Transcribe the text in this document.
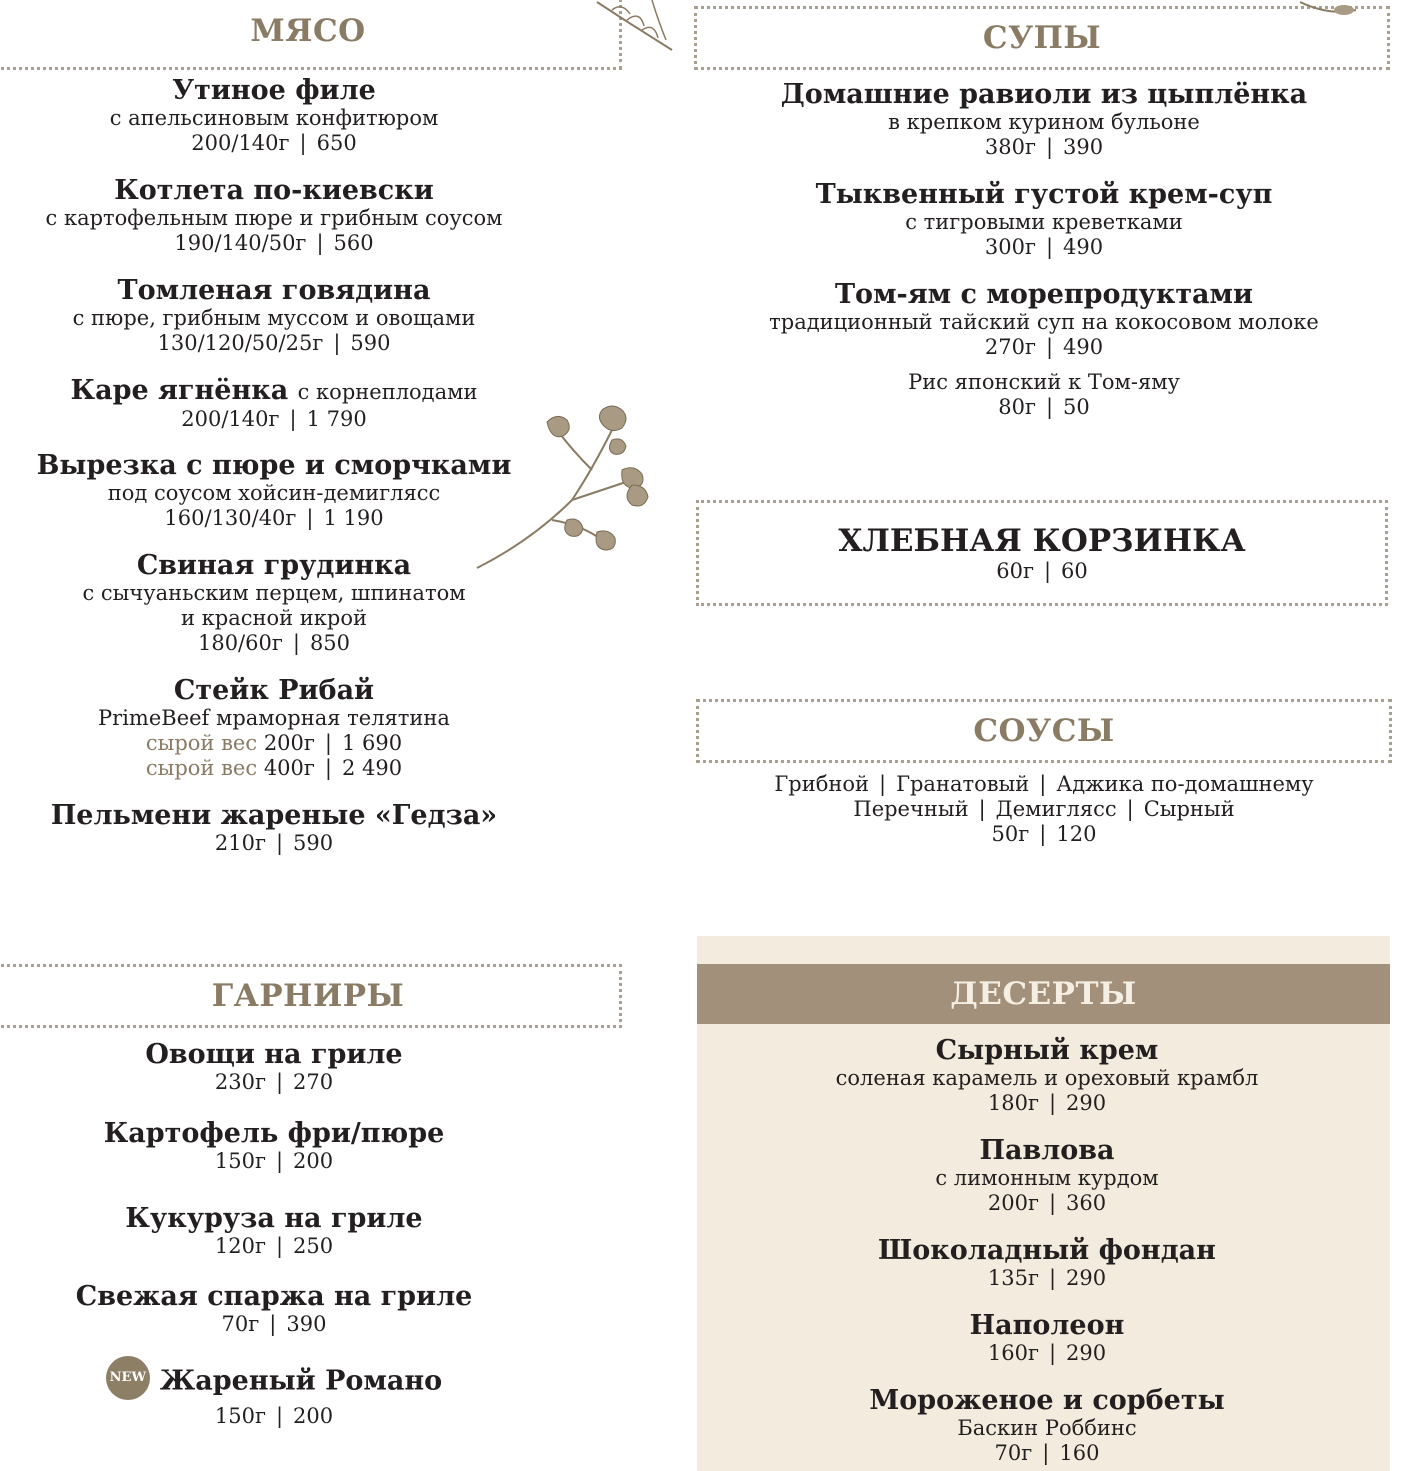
МЯСО
Утиное филе
с апельсиновым конфитюром
200/140г | 650
Котлета по-киевски
с картофельным пюре и грибным соусом
190/140/50г | 560
Томленая говядина
с пюре, грибным муссом и овощами
130/120/50/25г | 590
Каре ягнёнка с корнеплодами
200/140г | 1 790
Вырезка с пюре и сморчками
под соусом хойсин-демиглясс
160/130/40г | 1 190
Свиная грудинка
с сычуаньским перцем, шпинатом
и красной икрой
180/60г | 850
Стейк Рибай
PrimeBeef мраморная телятина
сырой вес 200г | 1 690
сырой вес 400г | 2 490
Пельмени жареные «Гедза»
210г | 590
СУПЫ
Домашние равиоли из цыплёнка
в крепком курином бульоне
380г | 390
Тыквенный густой крем-суп
с тигровыми креветками
300г | 490
Том-ям с морепродуктами
традиционный тайский суп на кокосовом молоке
270г | 490
Рис японский к Том-яму
80г | 50
ХЛЕБНАЯ КОРЗИНКА
60г | 60
СОУСЫ
Грибной | Гранатовый | Аджика по-домашнему
Перечный | Демиглясс | Сырный
50г | 120
ГАРНИРЫ
Овощи на гриле
230г | 270
Картофель фри/пюре
150г | 200
Кукуруза на гриле
120г | 250
Свежая спаржа на гриле
70г | 390
NEW Жареный Романо
150г | 200
ДЕСЕРТЫ
Сырный крем
соленая карамель и ореховый крамбл
180г | 290
Павлова
с лимонным курдом
200г | 360
Шоколадный фондан
135г | 290
Наполеон
160г | 290
Мороженое и сорбеты
Баскин Роббинс
70г | 160
